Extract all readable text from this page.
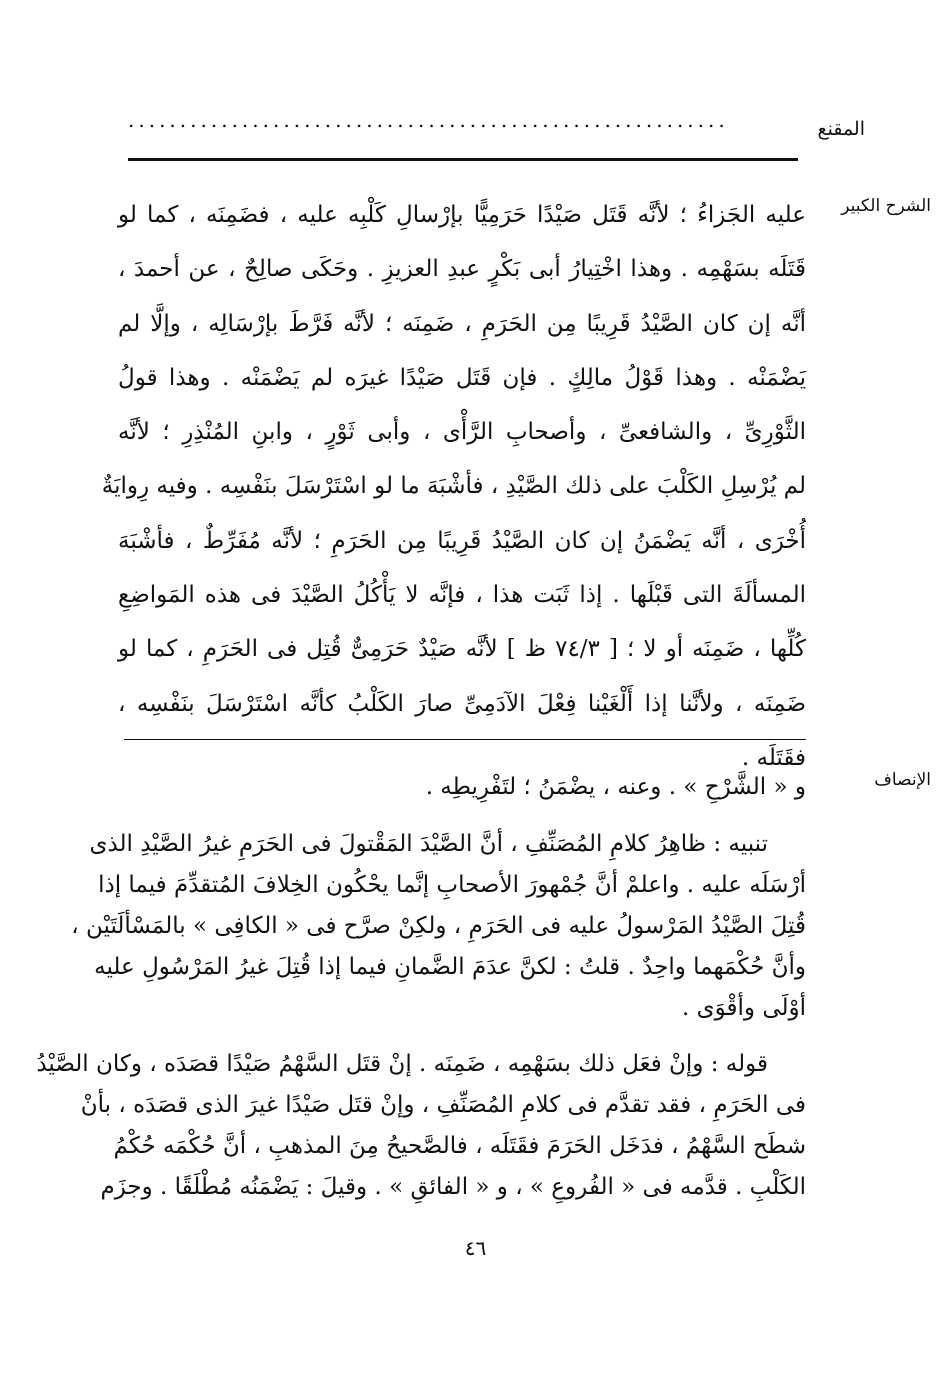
المقنع
..........................................................
الشرح الكبير
عليه الجَزاءُ ؛ لأنَّه قَتَل صَيْدًا حَرَمِيًّا بإرْسالِ كَلْبِه عليه ، فضَمِنَه ، كما لو
قَتَلَه بسَهْمِه . وهذا اخْتِيارُ أبى بَكْرٍ عبدِ العزيزِ . وحَكَى صالِحٌ ، عن أحمدَ ،
أنَّه إن كان الصَّيْدُ قَرِيبًا مِن الحَرَمِ ، ضَمِنَه ؛ لأنَّه فَرَّطَ بإرْسَالِه ، وإلَّا لم
يَضْمَنْه . وهذا قَوْلُ مالِكٍ . فإن قَتَل صَيْدًا غيرَه لم يَضْمَنْه . وهذا قولُ
الثَّوْرِىِّ ، والشافعىِّ ، وأصحابِ الرَّأْى ، وأبى ثَوْرٍ ، وابنِ المُنْذِرِ ؛ لأنَّه
لم يُرْسِلِ الكَلْبَ على ذلك الصَّيْدِ ، فأشْبَهَ ما لو اسْتَرْسَلَ بنَفْسِه . وفيه رِوايَةٌ
أُخْرَى ، أنَّه يَضْمَنُ إن كان الصَّيْدُ قَرِيبًا مِن الحَرَمِ ؛ لأنَّه مُفَرِّطٌ ، فأشْبَهَ
المسألَةَ التى قَبْلَها . إذا ثَبَت هذا ، فإنَّه لا يَأْكُلُ الصَّيْدَ فى هذه المَواضِعِ
كُلِّها ، ضَمِنَه أو لا ؛ [ ٧٤/٣ ظ ] لأنَّه صَيْدٌ حَرَمِىٌّ قُتِل فى الحَرَمِ ، كما لو
ضَمِنَه ، ولأنَّنا إذا أَلْغَيْنا فِعْلَ الآدَمِىِّ صارَ الكَلْبُ كأنَّه اسْتَرْسَلَ بنَفْسِه ،
فقَتَلَه .
الإنصاف
و « الشَّرْحِ » . وعنه ، يضْمَنُ ؛ لتَفْرِيطِه .
تنبيه : ظاهِرُ كلامِ المُصَنِّفِ ، أنَّ الصَّيْدَ المَقْتولَ فى الحَرَمِ غيرُ الصَّيْدِ الذى
أرْسَلَه عليه . واعلمْ أنَّ جُمْهورَ الأصحابِ إنَّما يحْكُون الخِلافَ المُتقدِّمَ فيما إذا
قُتِلَ الصَّيْدُ المَرْسولُ عليه فى الحَرَمِ ، ولكِنْ صرَّح فى « الكافِى » بالمَسْألَتَيْن ،
وأنَّ حُكْمَهما واحِدٌ . قلتُ : لكنَّ عدَمَ الضَّمانِ فيما إذا قُتِلَ غيرُ المَرْسُولِ عليه
أوْلَى وأقْوَى .
قوله : وإنْ فعَل ذلك بسَهْمِه ، ضَمِنَه . إنْ قتَل السَّهْمُ صَيْدًا قصَدَه ، وكان الصَّيْدُ
فى الحَرَمِ ، فقد تقدَّم فى كلامِ المُصَنِّفِ ، وإنْ قتَل صَيْدًا غيرَ الذى قصَدَه ، بأنْ
شطَح السَّهْمُ ، فدَخَل الحَرَمَ فقَتَلَه ، فالصَّحيحُ مِنَ المذهبِ ، أنَّ حُكْمَه حُكْمُ
الكَلْبِ . قدَّمه فى « الفُروعِ » ، و « الفائقِ » . وقيلَ : يَضْمَنُه مُطْلَقًا . وجزَم
٤٦
